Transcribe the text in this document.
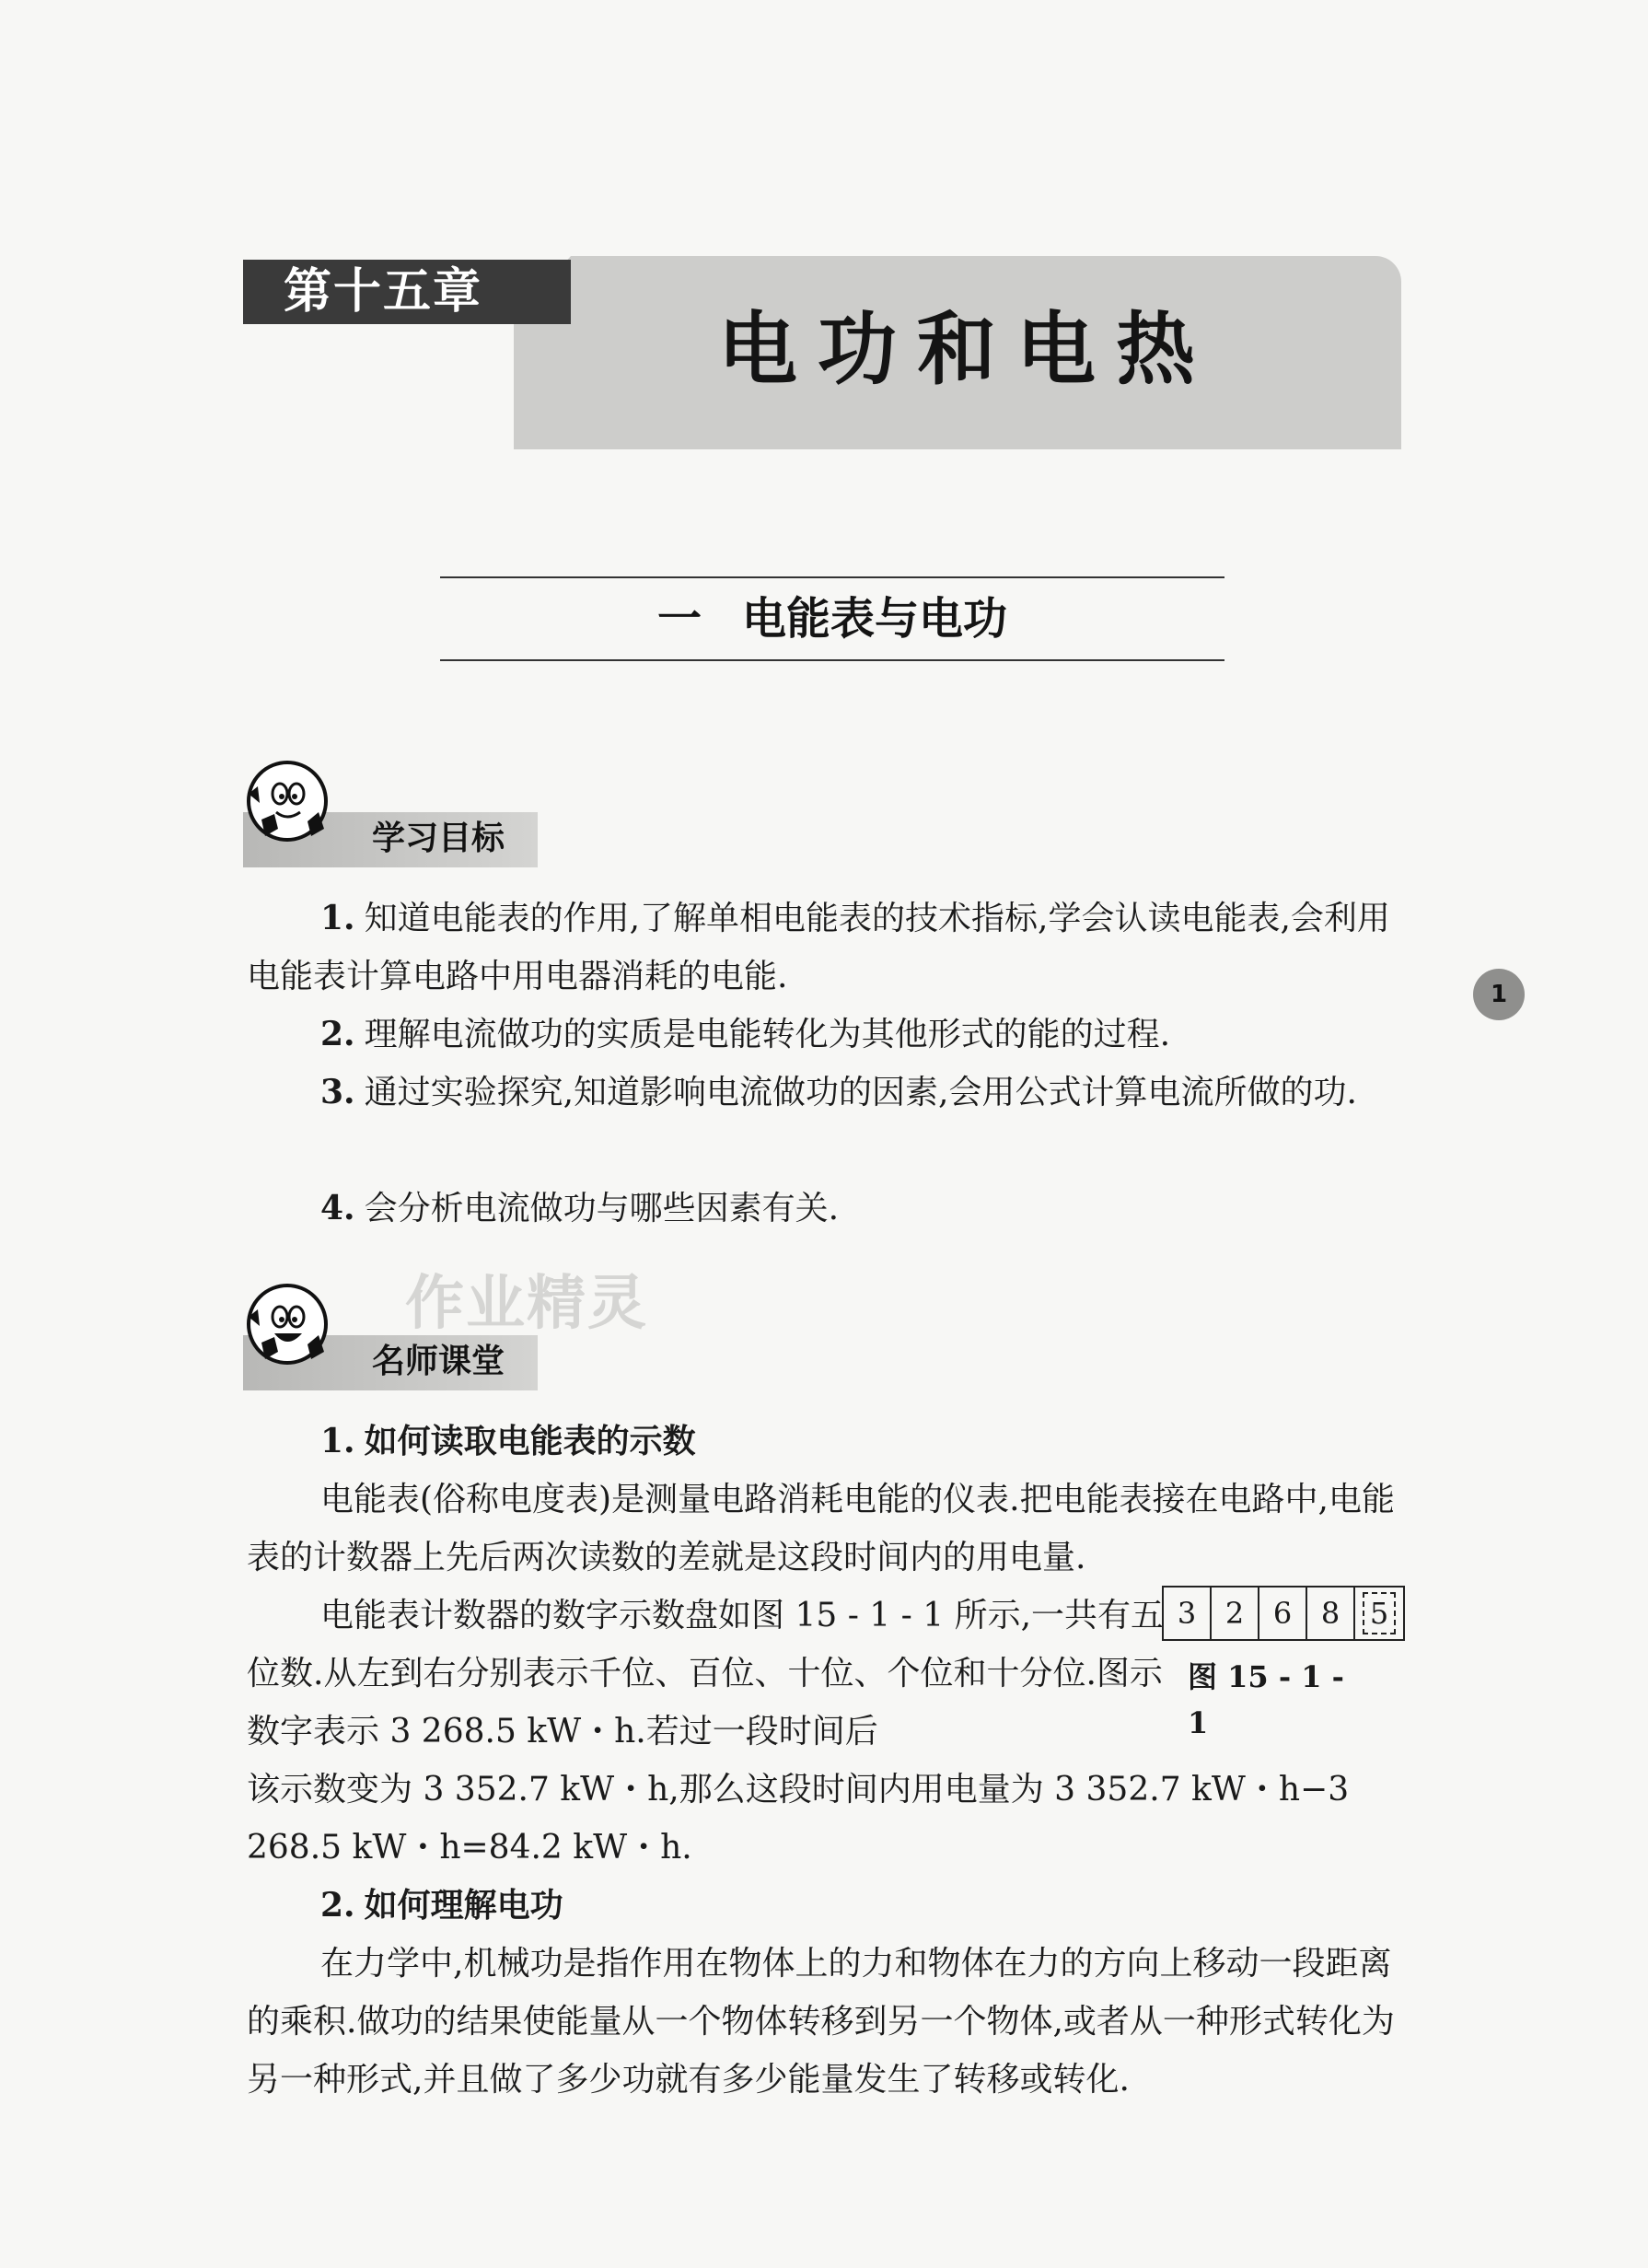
第十五章
电功和电热
一 电能表与电功
学习目标
1. 知道电能表的作用,了解单相电能表的技术指标,学会认读电能表,会利用电能表计算电路中用电器消耗的电能.
2. 理解电流做功的实质是电能转化为其他形式的能的过程.
3. 通过实验探究,知道影响电流做功的因素,会用公式计算电流所做的功.
4. 会分析电流做功与哪些因素有关.
名师课堂
作业精灵
1. 如何读取电能表的示数
电能表(俗称电度表)是测量电路消耗电能的仪表.把电能表接在电路中,电能表的计数器上先后两次读数的差就是这段时间内的用电量.
电能表计数器的数字示数盘如图 15 - 1 - 1 所示,一共有五位数.从左到右分别表示千位、百位、十位、个位和十分位.图示数字表示 3 268.5 kW・h.若过一段时间后
3 2 6 8	5
图 15 - 1 - 1
该示数变为 3 352.7 kW・h,那么这段时间内用电量为 3 352.7 kW・h−3 268.5 kW・h=84.2 kW・h.
2. 如何理解电功
在力学中,机械功是指作用在物体上的力和物体在力的方向上移动一段距离的乘积.做功的结果使能量从一个物体转移到另一个物体,或者从一种形式转化为另一种形式,并且做了多少功就有多少能量发生了转移或转化.
1
